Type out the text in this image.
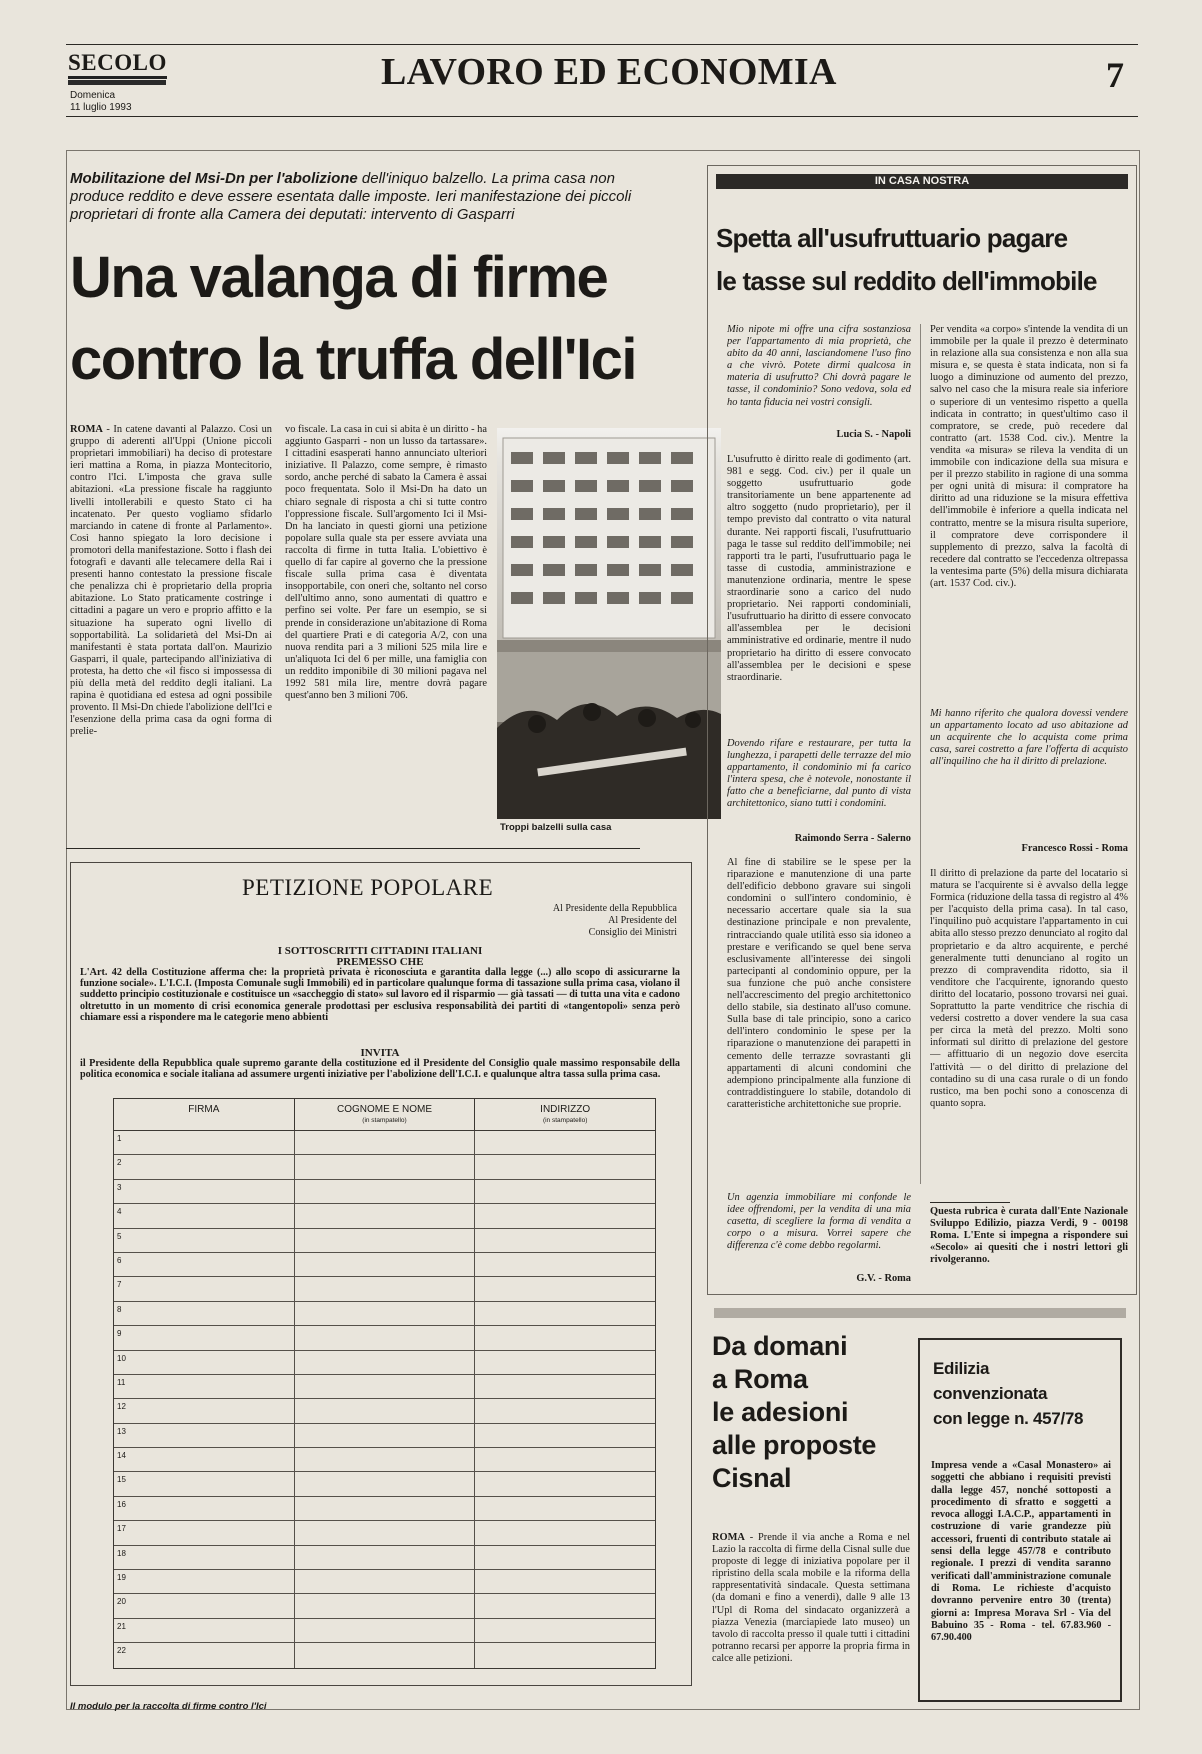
SECOLO
Domenica
11 luglio 1993
LAVORO ED ECONOMIA	7
Mobilitazione del Msi-Dn per l'abolizione dell'iniquo balzello. La prima casa non produce reddito e deve essere esentata dalle imposte. Ieri manifestazione dei piccoli proprietari di fronte alla Camera dei deputati: intervento di Gasparri
Una valanga di firme
contro la truffa dell'Ici
ROMA - In catene davanti al Palazzo. Così un gruppo di aderenti all'Uppi (Unione piccoli proprietari immobiliari) ha deciso di protestare ieri mattina a Roma, in piazza Montecitorio, contro l'Ici. L'imposta che grava sulle abitazioni. «La pressione fiscale ha raggiunto livelli intollerabili e questo Stato ci ha incatenato. Per questo vogliamo sfidarlo marciando in catene di fronte al Parlamento». Così hanno spiegato la loro decisione i promotori della manifestazione. Sotto i flash dei fotografi e davanti alle telecamere della Rai i presenti hanno contestato la pressione fiscale che penalizza chi è proprietario della propria abitazione. Lo Stato praticamente costringe i cittadini a pagare un vero e proprio affitto e la situazione ha superato ogni livello di sopportabilità. La solidarietà del Msi-Dn ai manifestanti è stata portata dall'on. Maurizio Gasparri, il quale, partecipando all'iniziativa di protesta, ha detto che «il fisco si impossessa di più della metà del reddito degli italiani. La rapina è quotidiana ed estesa ad ogni possibile provento. Il Msi-Dn chiede l'abolizione dell'Ici e l'esenzione della prima casa da ogni forma di prelie-
vo fiscale. La casa in cui si abita è un diritto - ha aggiunto Gasparri - non un lusso da tartassare». I cittadini esasperati hanno annunciato ulteriori iniziative. Il Palazzo, come sempre, è rimasto sordo, anche perché di sabato la Camera è assai poco frequentata. Solo il Msi-Dn ha dato un chiaro segnale di risposta a chi si tutte contro l'oppressione fiscale. Sull'argomento Ici il Msi-Dn ha lanciato in questi giorni una petizione popolare sulla quale sta per essere avviata una raccolta di firme in tutta Italia. L'obiettivo è quello di far capire al governo che la pressione fiscale sulla prima casa è diventata insopportabile, con oneri che, soltanto nel corso dell'ultimo anno, sono aumentati di quattro e perfino sei volte. Per fare un esempio, se si prende in considerazione un'abitazione di Roma del quartiere Prati e di categoria A/2, con una nuova rendita pari a 3 milioni 525 mila lire e un'aliquota Ici del 6 per mille, una famiglia con un reddito imponibile di 30 milioni pagava nel 1992 581 mila lire, mentre dovrà pagare quest'anno ben 3 milioni 706.
Troppi balzelli sulla casa
PETIZIONE POPOLARE
Al Presidente della Repubblica
Al Presidente del
Consiglio dei Ministri
I SOTTOSCRITTI CITTADINI ITALIANI
PREMESSO CHE
L'Art. 42 della Costituzione afferma che: la proprietà privata è riconosciuta e garantita dalla legge (...) allo scopo di assicurarne la funzione sociale». L'I.C.I. (Imposta Comunale sugli Immobili) ed in particolare qualunque forma di tassazione sulla prima casa, violano il suddetto principio costituzionale e costituisce un «saccheggio di stato» sul lavoro ed il risparmio — già tassati — di tutta una vita e cadono oltretutto in un momento di crisi economica generale prodottasi per esclusiva responsabilità dei partiti di «tangentopoli» senza però chiamare essi a rispondere ma le categorie meno abbienti
INVITA
il Presidente della Repubblica quale supremo garante della costituzione ed il Presidente del Consiglio quale massimo responsabile della politica economica e sociale italiana ad assumere urgenti iniziative per l'abolizione dell'I.C.I. e qualunque altra tassa sulla prima casa.
FIRMA	COGNOME E NOME
(in stampatello)
INDIRIZZO
(in stampatello)
1
2
3
4
5
6
7
8
9
10
11
12
13
14
15
16
17
18
19
20
21
22
Il modulo per la raccolta di firme contro l'Ici
IN CASA NOSTRA
Spetta all'usufruttuario pagare
le tasse sul reddito dell'immobile
Mio nipote mi offre una cifra sostanziosa per l'appartamento di mia proprietà, che abito da 40 anni, lasciandomene l'uso fino a che vivrò. Potete dirmi qualcosa in materia di usufrutto? Chi dovrà pagare le tasse, il condominio? Sono vedova, sola ed ho tanta fiducia nei vostri consigli.
Lucia S. - Napoli
L'usufrutto è diritto reale di godimento (art. 981 e segg. Cod. civ.) per il quale un soggetto usufruttuario gode transitoriamente un bene appartenente ad altro soggetto (nudo proprietario), per il tempo previsto dal contratto o vita natural durante. Nei rapporti fiscali, l'usufruttuario paga le tasse sul reddito dell'immobile; nei rapporti tra le parti, l'usufruttuario paga le tasse di custodia, amministrazione e manutenzione ordinaria, mentre le spese straordinarie sono a carico del nudo proprietario. Nei rapporti condominiali, l'usufruttuario ha diritto di essere convocato all'assemblea per le decisioni amministrative ed ordinarie, mentre il nudo proprietario ha diritto di essere convocato all'assemblea per le decisioni e spese straordinarie.
Dovendo rifare e restaurare, per tutta la lunghezza, i parapetti delle terrazze del mio appartamento, il condominio mi fa carico l'intera spesa, che è notevole, nonostante il fatto che a beneficiarne, dal punto di vista architettonico, siano tutti i condomini.
Raimondo Serra - Salerno
Al fine di stabilire se le spese per la riparazione e manutenzione di una parte dell'edificio debbono gravare sui singoli condomini o sull'intero condominio, è necessario accertare quale sia la sua destinazione principale e non prevalente, rintracciando quale utilità esso sia idoneo a prestare e verificando se quel bene serva esclusivamente all'interesse dei singoli partecipanti al condominio oppure, per la sua funzione che può anche consistere nell'accrescimento del pregio architettonico dello stabile, sia destinato all'uso comune. Sulla base di tale principio, sono a carico dell'intero condominio le spese per la riparazione o manutenzione dei parapetti in cemento delle terrazze sovrastanti gli appartamenti di alcuni condomini che adempiono principalmente alla funzione di contraddistinguere lo stabile, dotandolo di caratteristiche architettoniche sue proprie.
Un agenzia immobiliare mi confonde le idee offrendomi, per la vendita di una mia casetta, di scegliere la forma di vendita a corpo o a misura. Vorrei sapere che differenza c'è come debbo regolarmi.
G.V. - Roma
Per vendita «a corpo» s'intende la vendita di un immobile per la quale il prezzo è determinato in relazione alla sua consistenza e non alla sua misura e, se questa è stata indicata, non si fa luogo a diminuzione od aumento del prezzo, salvo nel caso che la misura reale sia inferiore o superiore di un ventesimo rispetto a quella indicata in contratto; in quest'ultimo caso il compratore, se crede, può recedere dal contratto (art. 1538 Cod. civ.). Mentre la vendita «a misura» se rileva la vendita di un immobile con indicazione della sua misura e per il prezzo stabilito in ragione di una somma per ogni unità di misura: il compratore ha diritto ad una riduzione se la misura effettiva dell'immobile è inferiore a quella indicata nel contratto, mentre se la misura risulta superiore, il compratore deve corrispondere il supplemento di prezzo, salva la facoltà di recedere dal contratto se l'eccedenza oltrepassa la ventesima parte (5%) della misura dichiarata (art. 1537 Cod. civ.).
Mi hanno riferito che qualora dovessi vendere un appartamento locato ad uso abitazione ad un acquirente che lo acquista come prima casa, sarei costretto a fare l'offerta di acquisto all'inquilino che ha il diritto di prelazione.
Francesco Rossi - Roma
Il diritto di prelazione da parte del locatario si matura se l'acquirente si è avvalso della legge Formica (riduzione della tassa di registro al 4% per l'acquisto della prima casa). In tal caso, l'inquilino può acquistare l'appartamento in cui abita allo stesso prezzo denunciato al rogito dal proprietario e da altro acquirente, e perché generalmente tutti denunciano al rogito un prezzo di compravendita ridotto, sia il venditore che l'acquirente, ignorando questo diritto del locatario, possono trovarsi nei guai. Soprattutto la parte venditrice che rischia di vedersi costretto a dover vendere la sua casa per circa la metà del prezzo. Molti sono informati sul diritto di prelazione del gestore — affittuario di un negozio dove esercita l'attività — o del diritto di prelazione del contadino su di una casa rurale o di un fondo rustico, ma ben pochi sono a conoscenza di quanto sopra.
Questa rubrica è curata dall'Ente Nazionale Sviluppo Edilizio, piazza Verdi, 9 - 00198 Roma. L'Ente si impegna a rispondere sui «Secolo» ai quesiti che i nostri lettori gli rivolgeranno.
Da domani
a Roma
le adesioni
alle proposte
Cisnal
ROMA - Prende il via anche a Roma e nel Lazio la raccolta di firme della Cisnal sulle due proposte di legge di iniziativa popolare per il ripristino della scala mobile e la riforma della rappresentatività sindacale. Questa settimana (da domani e fino a venerdì), dalle 9 alle 13 l'Upl di Roma del sindacato organizzerà a piazza Venezia (marciapiede lato museo) un tavolo di raccolta presso il quale tutti i cittadini potranno recarsi per apporre la propria firma in calce alle petizioni.
Edilizia
convenzionata
con legge n. 457/78
Impresa vende a «Casal Monastero» ai soggetti che abbiano i requisiti previsti dalla legge 457, nonché sottoposti a procedimento di sfratto e soggetti a revoca alloggi I.A.C.P., appartamenti in costruzione di varie grandezze più accessori, fruenti di contributo statale ai sensi della legge 457/78 e contributo regionale. I prezzi di vendita saranno verificati dall'amministrazione comunale di Roma. Le richieste d'acquisto dovranno pervenire entro 30 (trenta) giorni a: Impresa Morava Srl - Via del Babuino 35 - Roma - tel. 67.83.960 - 67.90.400
